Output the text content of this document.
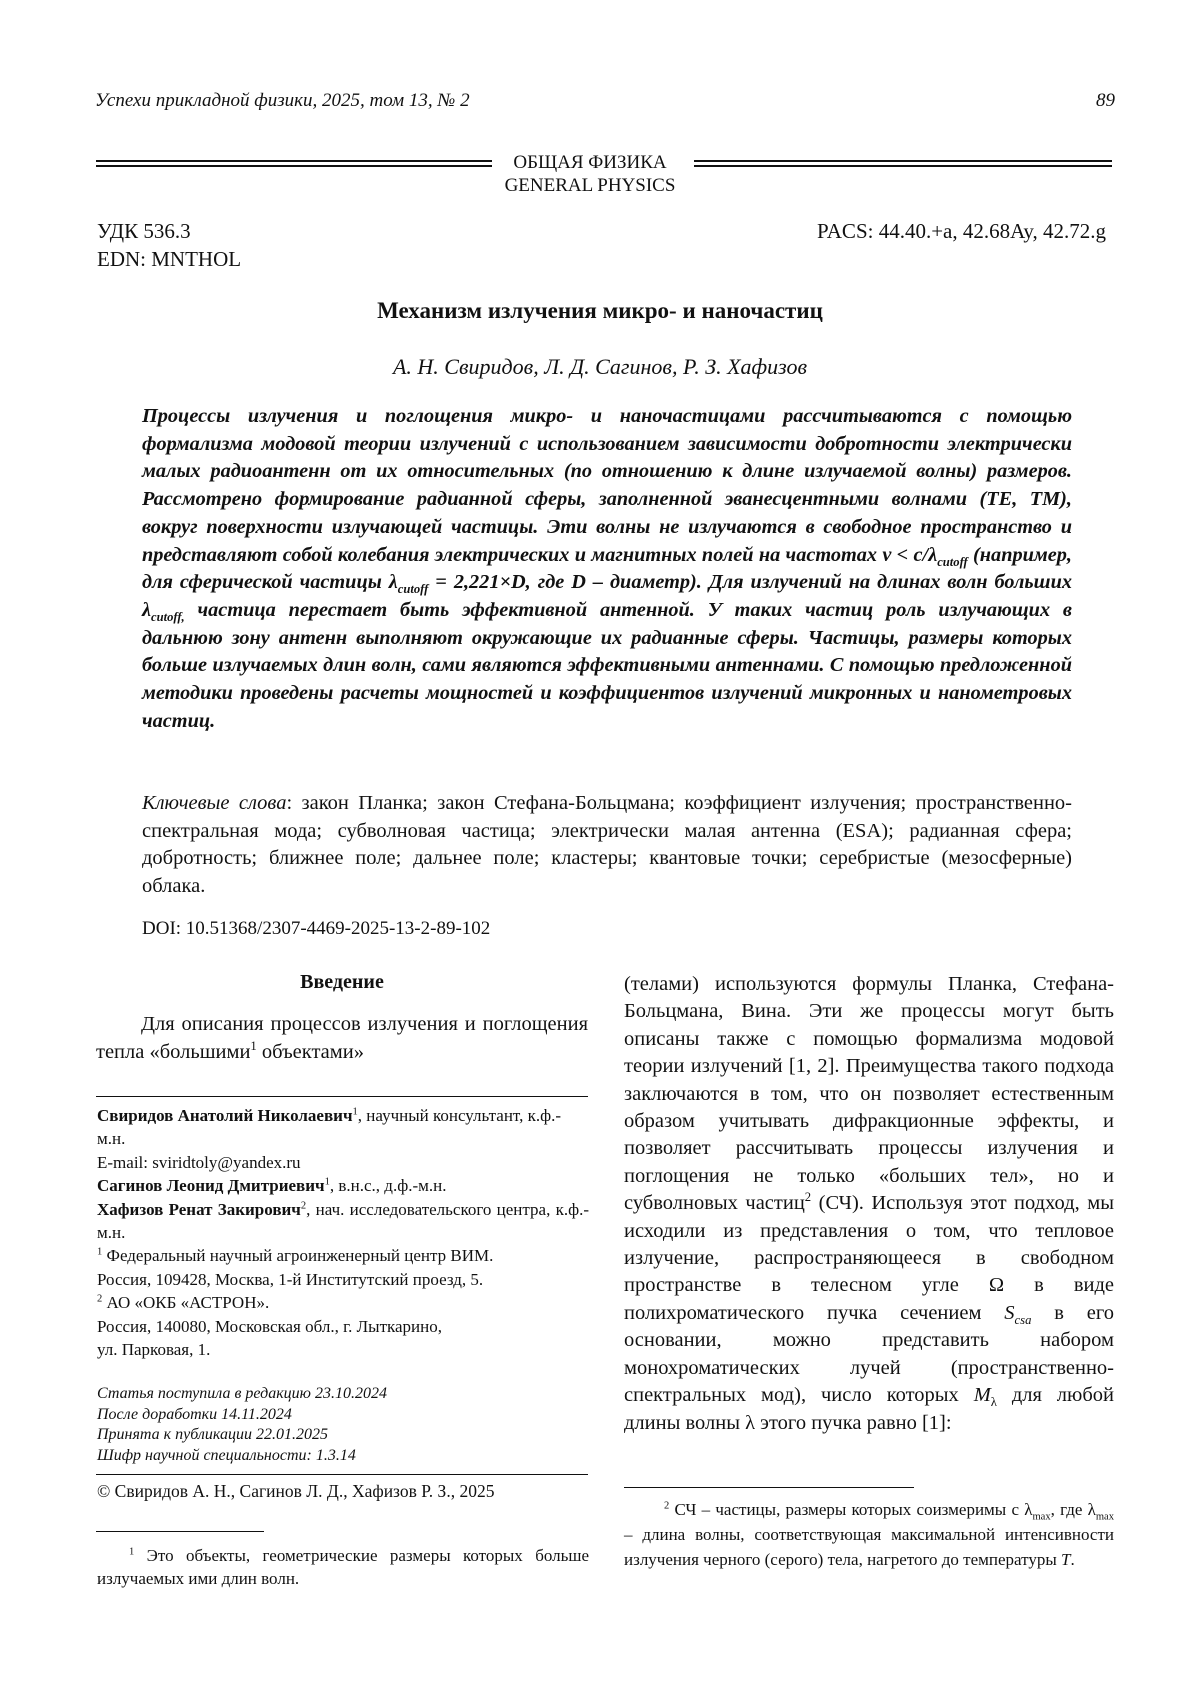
Успехи прикладной физики, 2025, том 13, № 2	89
ОБЩАЯ ФИЗИКА
GENERAL PHYSICS
УДК 536.3
EDN: MNTHOL
PACS: 44.40.+a, 42.68Ay, 42.72.g
Механизм излучения микро- и наночастиц
А. Н. Свиридов, Л. Д. Сагинов, Р. З. Хафизов

Процессы излучения и поглощения микро- и наночастицами рассчитываются с помощью формализма модовой теории излучений с использованием зависимости добротности электрически малых радиоантенн от их относительных (по отношению к длине излучаемой волны) размеров. Рассмотрено формирование радианной сферы, заполненной эванесцентными волнами (TE, TM), вокруг поверхности излучающей частицы. Эти волны не излучаются в свободное пространство и представляют собой колебания электрических и магнитных полей на частотах $\nu < c/\lambda_{cutoff}$ (например, для сферической частицы $\lambda_{cutoff} = 2,221\times D$, где D – диаметр). Для излучений на длинах волн больших $\lambda_{cutoff,}$ частица перестает быть эффективной антенной. У таких частиц роль излучающих в дальнюю зону антенн выполняют окружающие их радианные сферы. Частицы, размеры которых больше излучаемых длин волн, сами являются эффективными антеннами. С помощью предложенной методики проведены расчеты мощностей и коэффициентов излучений микронных и нанометровых частиц.

Ключевые слова: закон Планка; закон Стефана-Больцмана; коэффициент излучения; пространственно-спектральная мода; субволновая частица; электрически малая антенна (ESA); радианная сфера; добротность; ближнее поле; дальнее поле; кластеры; квантовые точки; серебристые (мезосферные) облака.
DOI: 10.51368/2307-4469-2025-13-2-89-102
Введение
Для описания процессов излучения и поглощения тепла «большими$^1$ объектами»

Свиридов Анатолий Николаевич$^1$, научный консультант, к.ф.-м.н.

E-mail: sviridtoly@yandex.ru

Сагинов Леонид Дмитриевич$^1$, в.н.с., д.ф.-м.н.

Хафизов Ренат Закирович$^2$, нач. исследовательского центра, к.ф.-м.н.

$^1$ Федеральный научный агроинженерный центр ВИМ.

Россия, 109428, Москва, 1-й Институтский проезд, 5.

$^2$ АО «ОКБ «АСТРОН».

Россия, 140080, Московская обл., г. Лыткарино,

ул. Парковая, 1.

Статья поступила в редакцию 23.10.2024

После доработки 14.11.2024

Принята к публикации 22.01.2025

Шифр научной специальности: 1.3.14

© Свиридов А. Н., Сагинов Л. Д., Хафизов Р. З., 2025
$^1$ Это объекты, геометрические размеры которых больше излучаемых ими длин волн.

(телами) используются формулы Планка, Стефана-Больцмана, Вина. Эти же процессы могут быть описаны также с помощью формализма модовой теории излучений [1, 2]. Преимущества такого подхода заключаются в том, что он позволяет естественным образом учитывать дифракционные эффекты, и позволяет рассчитывать процессы излучения и поглощения не только «больших тел», но и субволновых частиц$^2$ (СЧ). Используя этот подход, мы исходили из представления о том, что тепловое излучение, распространяющееся в свободном пространстве в телесном угле Ω в виде полихроматического пучка сечением $S_{csa}$ в его основании, можно представить набором монохроматических лучей (пространственно-спектральных мод), число которых $M_\lambda$ для любой длины волны λ этого пучка равно [1]:

$^2$ СЧ – частицы, размеры которых соизмеримы с $\lambda_{max}$, где $\lambda_{max}$ – длина волны, соответствующая максимальной интенсивности излучения черного (серого) тела, нагретого до температуры T.
